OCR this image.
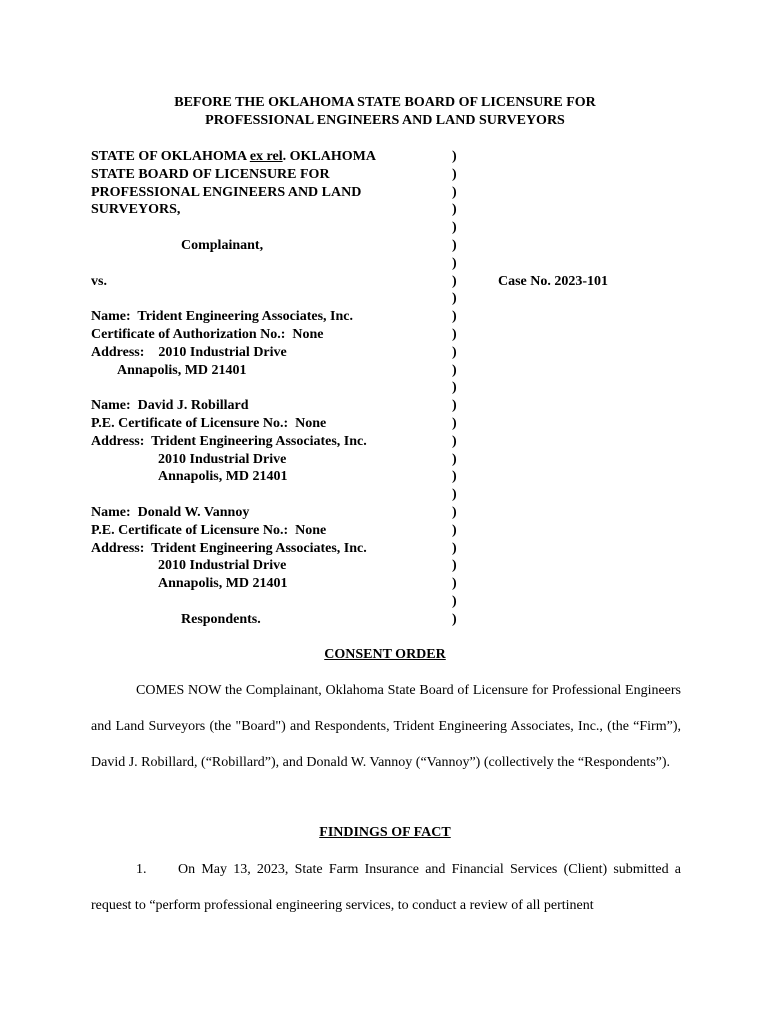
BEFORE THE OKLAHOMA STATE BOARD OF LICENSURE FOR
PROFESSIONAL ENGINEERS AND LAND SURVEYORS
STATE OF OKLAHOMA ex rel. OKLAHOMA
STATE BOARD OF LICENSURE FOR
PROFESSIONAL ENGINEERS AND LAND
SURVEYORS,

Complainant,

vs.

Name:  Trident Engineering Associates, Inc.
Certificate of Authorization No.:  None
Address:    2010 Industrial Drive
Annapolis, MD 21401

Name:  David J. Robillard
P.E. Certificate of Licensure No.:  None
Address:  Trident Engineering Associates, Inc.
2010 Industrial Drive
Annapolis, MD 21401

Name:  Donald W. Vannoy
P.E. Certificate of Licensure No.:  None
Address:  Trident Engineering Associates, Inc.
2010 Industrial Drive
Annapolis, MD 21401

Respondents.
)
)
)
)
)
)
)
)
)
)
)
)
)
)
)
)
)
)
)
)
)
)
)
)
)
)
)
Case No. 2023-101
CONSENT ORDER
COMES NOW the Complainant, Oklahoma State Board of Licensure for Professional Engineers and Land Surveyors (the "Board") and Respondents, Trident Engineering Associates, Inc., (the “Firm”), David J. Robillard, (“Robillard”), and Donald W. Vannoy (“Vannoy”) (collectively the “Respondents”).
FINDINGS OF FACT
1. On May 13, 2023, State Farm Insurance and Financial Services (Client) submitted a request to “perform professional engineering services, to conduct a review of all pertinent
